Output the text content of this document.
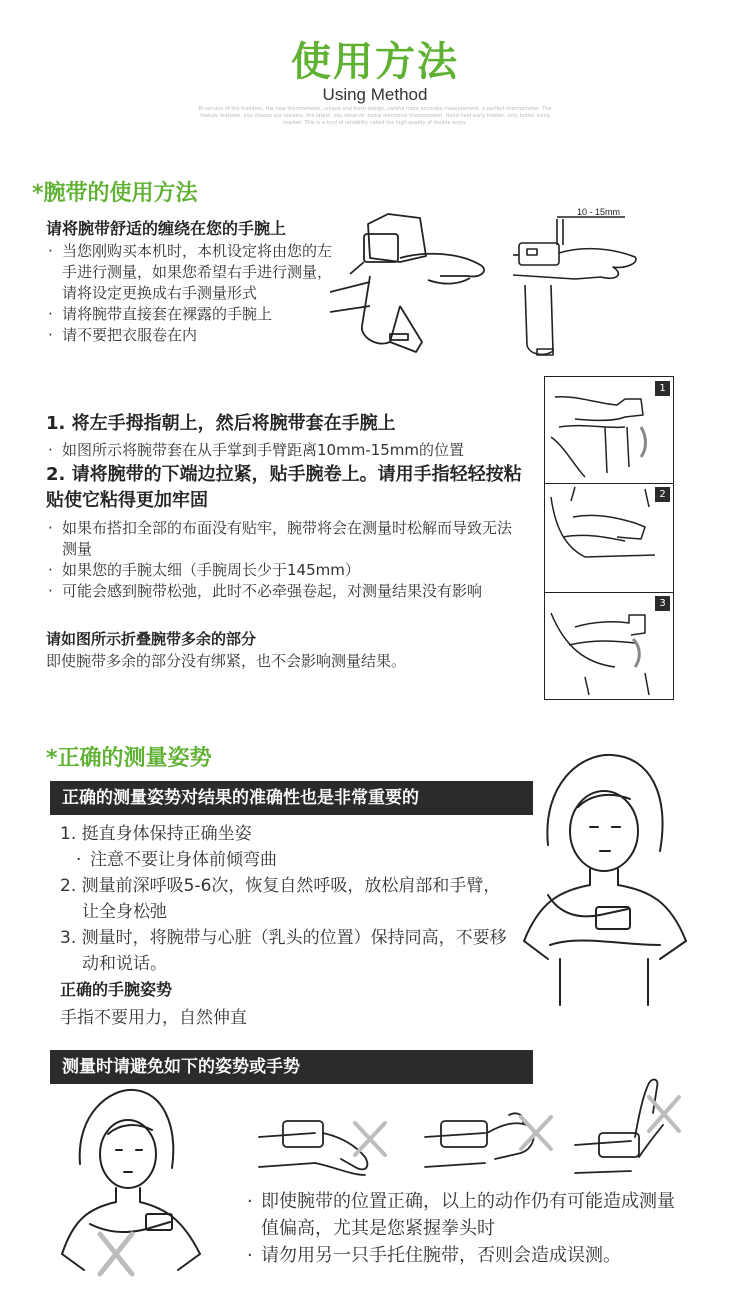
使用方法
Using Method
Bi-version of the tradition, the new thermometer, unique and fresh design, careful more accurate measurement, a perfect thermometer. The feature features, you choose our reasons, the latest, you deserve; home electronic thermometer, Hand-held early hidden, only better living market; This is a kind of reliability called the high quality of double enjoy.
*腕带的使用方法
请将腕带舒适的缠绕在您的手腕上
· 当您刚购买本机时，本机设定将由您的左手进行测量，如果您希望右手进行测量，请将设定更换成右手测量形式
· 请将腕带直接套在裸露的手腕上
· 请不要把衣服卷在内
10 - 15mm
1. 将左手拇指朝上，然后将腕带套在手腕上
· 如图所示将腕带套在从手掌到手臂距离10mm-15mm的位置
2. 请将腕带的下端边拉紧，贴手腕卷上。请用手指轻轻按粘贴使它粘得更加牢固
· 如果布搭扣全部的布面没有贴牢，腕带将会在测量时松解而导致无法测量
· 如果您的手腕太细（手腕周长少于145mm）
· 可能会感到腕带松弛，此时不必牵强卷起，对测量结果没有影响
请如图所示折叠腕带多余的部分
即使腕带多余的部分没有绑紧，也不会影响测量结果。
1
2
3
*正确的测量姿势
正确的测量姿势对结果的准确性也是非常重要的
1. 挺直身体保持正确坐姿
· 注意不要让身体前倾弯曲
2. 测量前深呼吸5-6次，恢复自然呼吸，放松肩部和手臂，让全身松弛
3. 测量时，将腕带与心脏（乳头的位置）保持同高，不要移动和说话。
正确的手腕姿势
手指不要用力，自然伸直
测量时请避免如下的姿势或手势
· 即使腕带的位置正确，以上的动作仍有可能造成测量值偏高，尤其是您紧握拳头时
· 请勿用另一只手托住腕带，否则会造成误测。
